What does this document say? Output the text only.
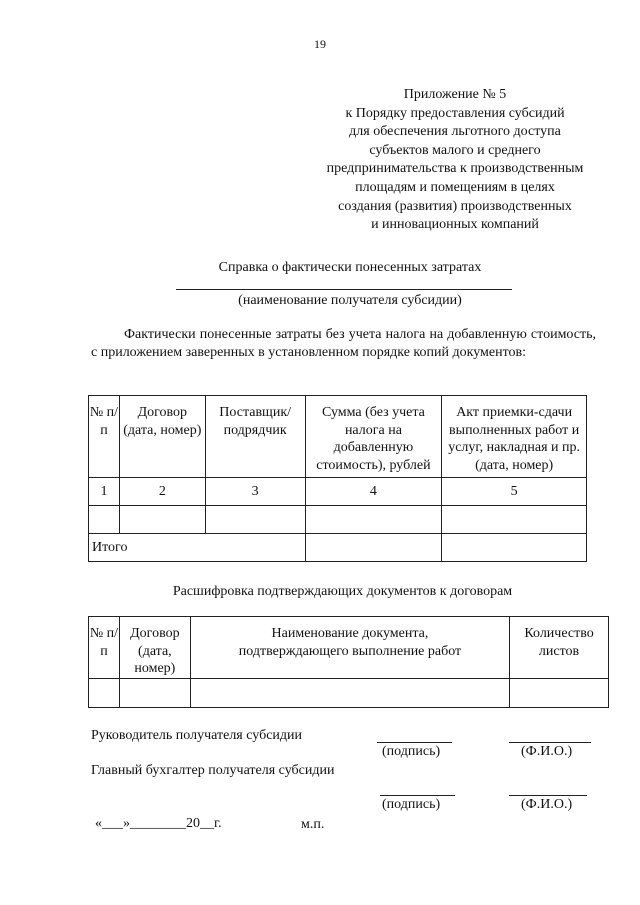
19
Приложение № 5
к Порядку предоставления субсидий
для обеспечения льготного доступа
субъектов малого и среднего
предпринимательства к производственным
площадям и помещениям в целях
создания (развития) производственных
и инновационных компаний
Справка о фактически понесенных затратах
(наименование получателя субсидии)
Фактически понесенные затраты без учета налога на добавленную стоимость, с приложением заверенных в установленном порядке копий документов:
№ п/п	Договор (дата, номер)	Поставщик/ подрядчик	Сумма (без учета налога на добавленную стоимость), рублей	Акт приемки-сдачи выполненных работ и услуг, накладная и пр. (дата, номер)
1	2	3	4	5

Итого				
Расшифровка подтверждающих документов к договорам
№ п/п	Договор (дата, номер)	Наименование документа, подтверждающего выполнение работ	Количество листов

Руководитель получателя субсидии
(подпись)	(Ф.И.О.)
Главный бухгалтер получателя субсидии
(подпись)	(Ф.И.О.)
«___»________20__г.	м.п.
